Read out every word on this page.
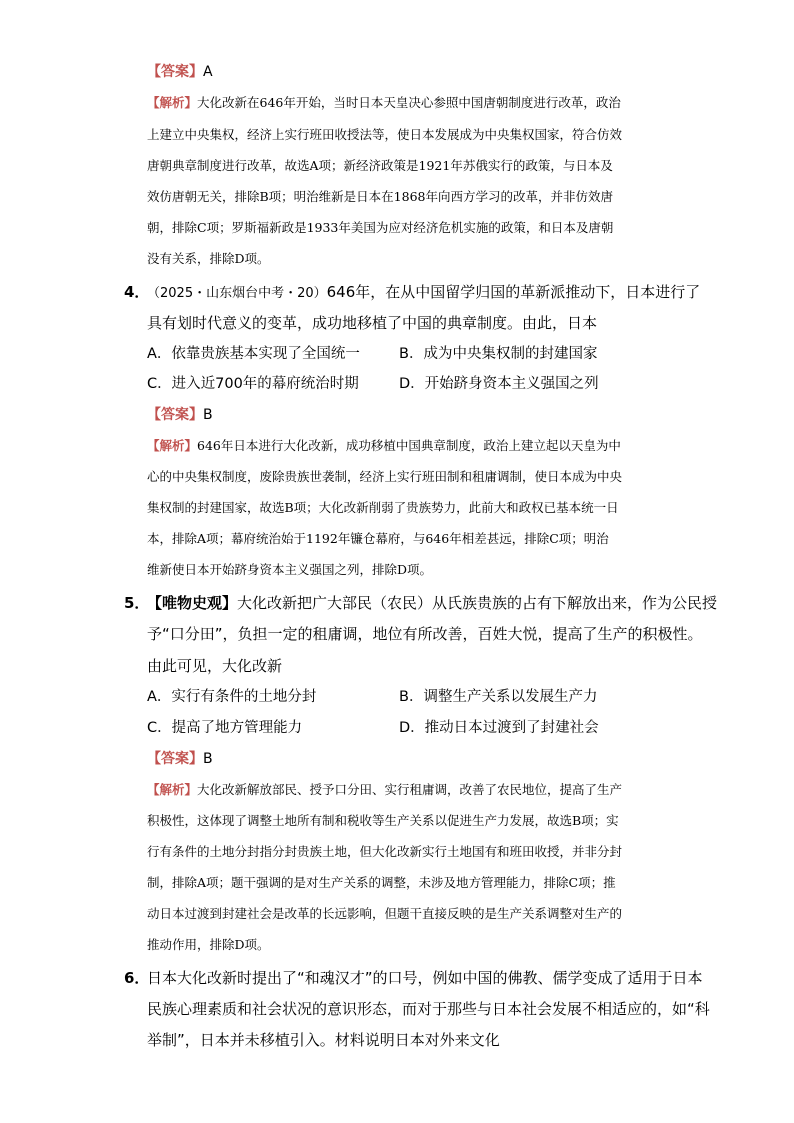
【答案】A
【解析】大化改新在646年开始，当时日本天皇决心参照中国唐朝制度进行改革，政治
上建立中央集权，经济上实行班田收授法等，使日本发展成为中央集权国家，符合仿效
唐朝典章制度进行改革，故选A项；新经济政策是1921年苏俄实行的政策，与日本及
效仿唐朝无关，排除B项；明治维新是日本在1868年向西方学习的改革，并非仿效唐
朝，排除C项；罗斯福新政是1933年美国为应对经济危机实施的政策，和日本及唐朝
没有关系，排除D项。
4．
（2025・山东烟台中考・20）646年，在从中国留学归国的革新派推动下，日本进行了
具有划时代意义的变革，成功地移植了中国的典章制度。由此，日本
A．依靠贵族基本实现了全国统一	B．成为中央集权制的封建国家
C．进入近700年的幕府统治时期	D．开始跻身资本主义强国之列
【答案】B
【解析】646年日本进行大化改新，成功移植中国典章制度，政治上建立起以天皇为中
心的中央集权制度，废除贵族世袭制，经济上实行班田制和租庸调制，使日本成为中央
集权制的封建国家，故选B项；大化改新削弱了贵族势力，此前大和政权已基本统一日
本，排除A项；幕府统治始于1192年镰仓幕府，与646年相差甚远，排除C项；明治
维新使日本开始跻身资本主义强国之列，排除D项。
5．
【唯物史观】大化改新把广大部民（农民）从氏族贵族的占有下解放出来，作为公民授
予“口分田”，负担一定的租庸调，地位有所改善，百姓大悦，提高了生产的积极性。
由此可见，大化改新
A．实行有条件的土地分封	B．调整生产关系以发展生产力
C．提高了地方管理能力	D．推动日本过渡到了封建社会
【答案】B
【解析】大化改新解放部民、授予口分田、实行租庸调，改善了农民地位，提高了生产
积极性，这体现了调整土地所有制和税收等生产关系以促进生产力发展，故选B项；实
行有条件的土地分封指分封贵族土地，但大化改新实行土地国有和班田收授，并非分封
制，排除A项；题干强调的是对生产关系的调整，未涉及地方管理能力，排除C项；推
动日本过渡到封建社会是改革的长远影响，但题干直接反映的是生产关系调整对生产的
推动作用，排除D项。
6．
日本大化改新时提出了“和魂汉才”的口号，例如中国的佛教、儒学变成了适用于日本
民族心理素质和社会状况的意识形态，而对于那些与日本社会发展不相适应的，如“科
举制”，日本并未移植引入。材料说明日本对外来文化
